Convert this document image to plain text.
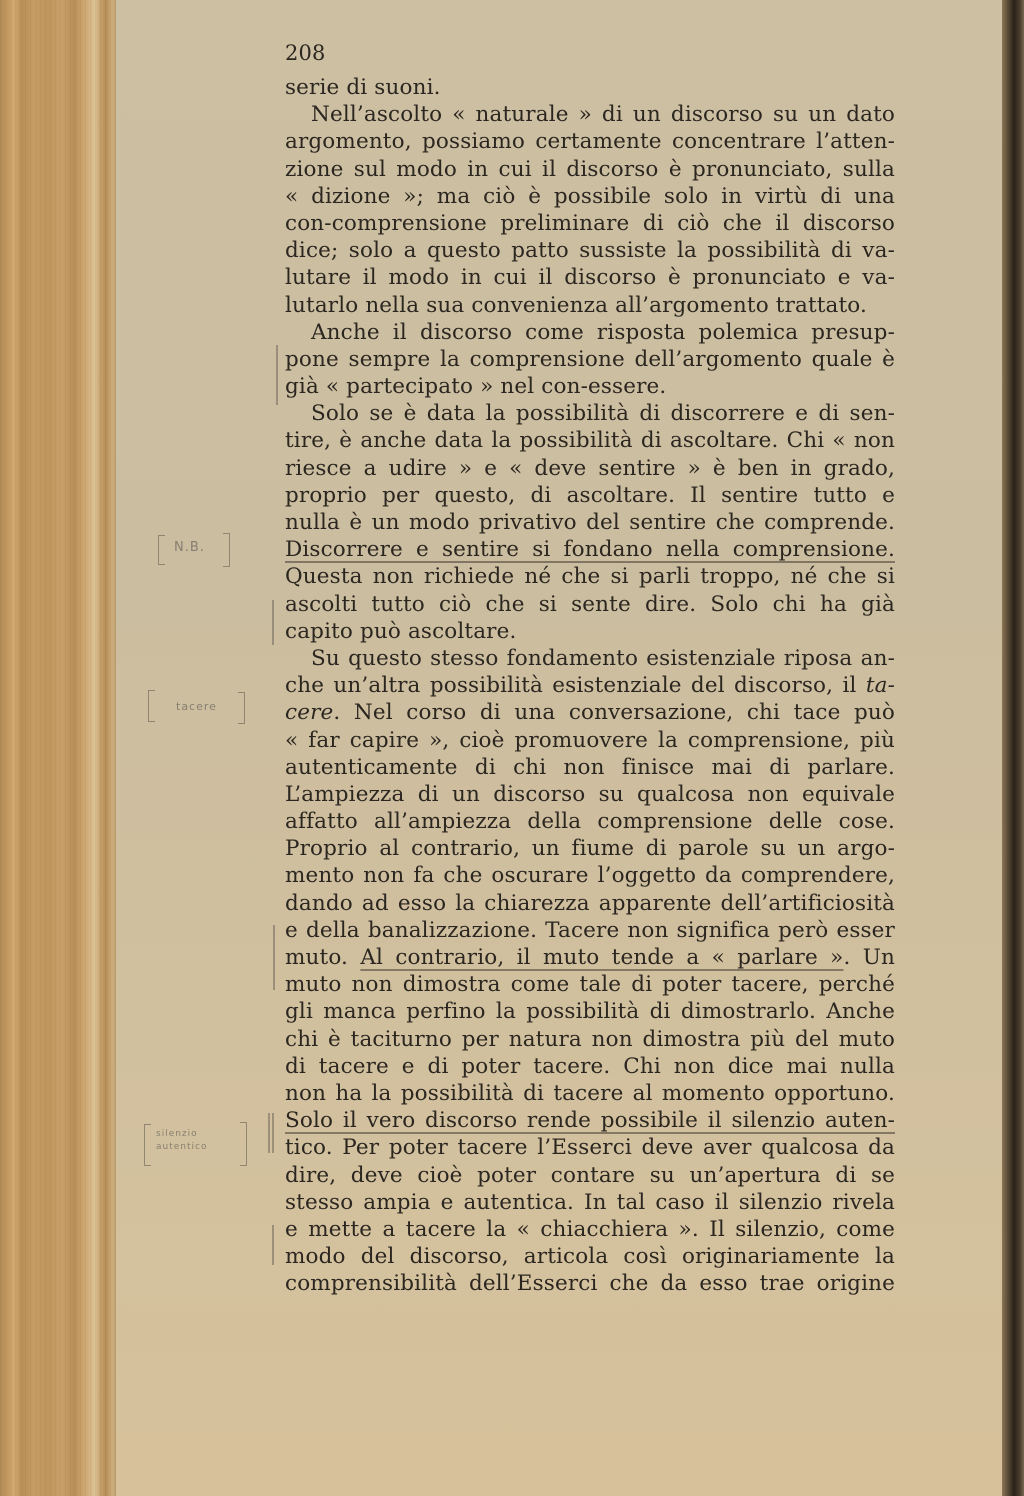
208
serie di suoni.
Nell’ascolto « naturale » di un discorso su un dato
argomento, possiamo certamente concentrare l’atten-
zione sul modo in cui il discorso è pronunciato, sulla
« dizione »; ma ciò è possibile solo in virtù di una
con-comprensione preliminare di ciò che il discorso
dice; solo a questo patto sussiste la possibilità di va-
lutare il modo in cui il discorso è pronunciato e va-
lutarlo nella sua convenienza all’argomento trattato.
Anche il discorso come risposta polemica presup-
pone sempre la comprensione dell’argomento quale è
già « partecipato » nel con-essere.
Solo se è data la possibilità di discorrere e di sen-
tire, è anche data la possibilità di ascoltare. Chi « non
riesce a udire » e « deve sentire » è ben in grado,
proprio per questo, di ascoltare. Il sentire tutto e
nulla è un modo privativo del sentire che comprende.
Discorrere e sentire si fondano nella comprensione.
Questa non richiede né che si parli troppo, né che si
ascolti tutto ciò che si sente dire. Solo chi ha già
capito può ascoltare.
Su questo stesso fondamento esistenziale riposa an-
che un’altra possibilità esistenziale del discorso, il ta-
cere. Nel corso di una conversazione, chi tace può
« far capire », cioè promuovere la comprensione, più
autenticamente di chi non finisce mai di parlare.
L’ampiezza di un discorso su qualcosa non equivale
affatto all’ampiezza della comprensione delle cose.
Proprio al contrario, un fiume di parole su un argo-
mento non fa che oscurare l’oggetto da comprendere,
dando ad esso la chiarezza apparente dell’artificiosità
e della banalizzazione. Tacere non significa però esser
muto. Al contrario, il muto tende a « parlare ». Un
muto non dimostra come tale di poter tacere, perché
gli manca perfino la possibilità di dimostrarlo. Anche
chi è taciturno per natura non dimostra più del muto
di tacere e di poter tacere. Chi non dice mai nulla
non ha la possibilità di tacere al momento opportuno.
Solo il vero discorso rende possibile il silenzio auten-
tico. Per poter tacere l’Esserci deve aver qualcosa da
dire, deve cioè poter contare su un’apertura di se
stesso ampia e autentica. In tal caso il silenzio rivela
e mette a tacere la « chiacchiera ». Il silenzio, come
modo del discorso, articola così originariamente la
comprensibilità dell’Esserci che da esso trae origine
N.B.
tacere
silenzio autentico
